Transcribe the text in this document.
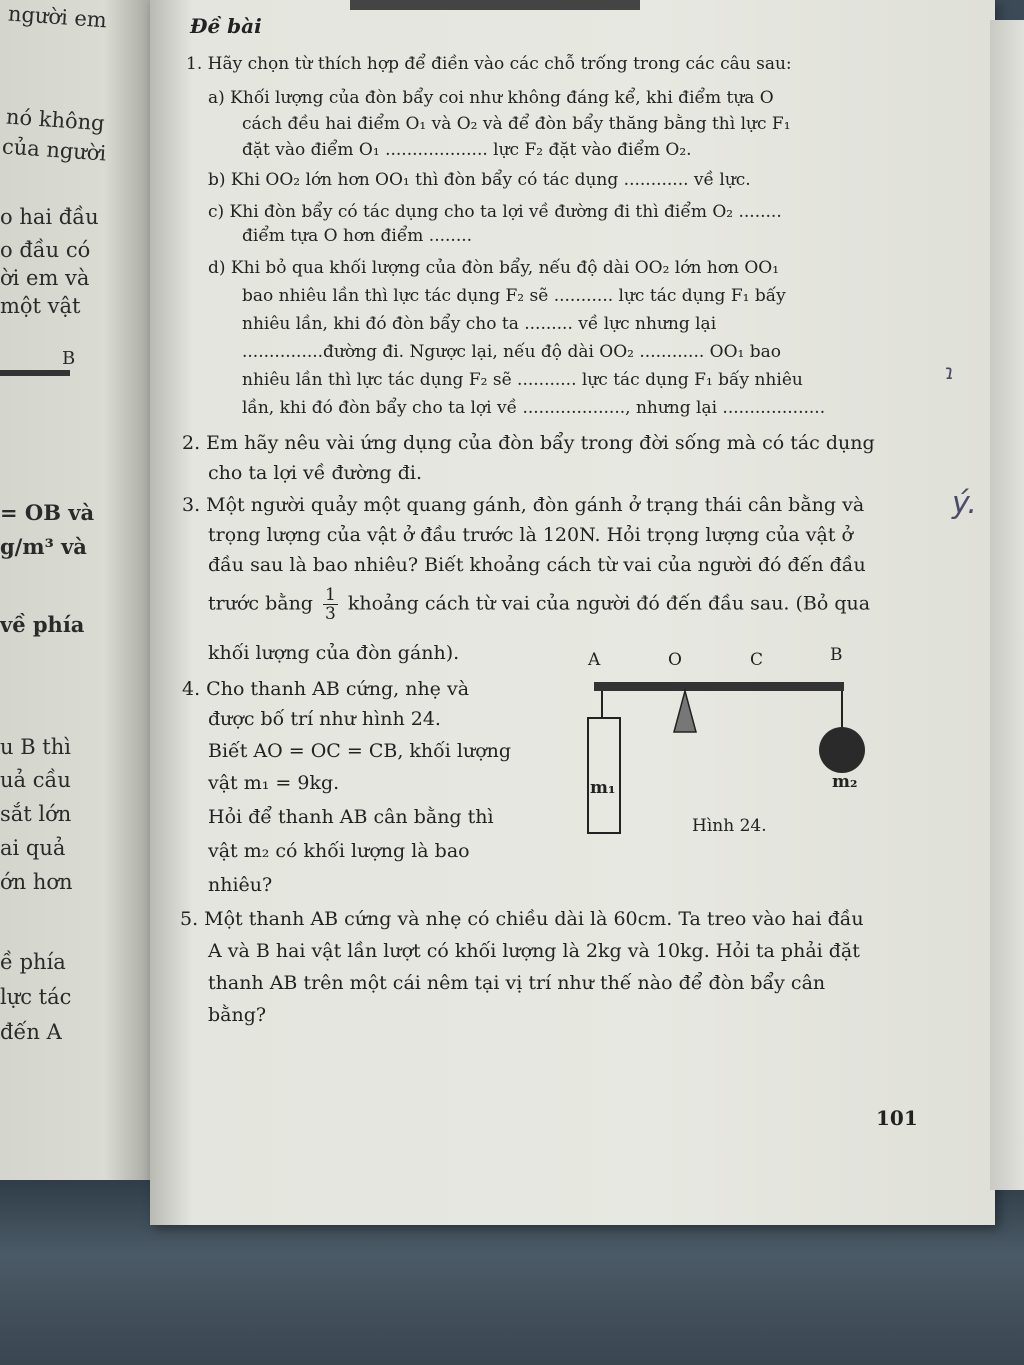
người em
nó không
của người
o hai đầu
o đầu có
ời em và
một vật
B
= OB và
g/m³ và
về phía
u B thì
uả cầu
sắt lớn
ai quả
ớn hơn
ề phía
lực tác
đến A
Đề bài
1. Hãy chọn từ thích hợp để điền vào các chỗ trống trong các câu sau:
a) Khối lượng của đòn bẩy coi như không đáng kể, khi điểm tựa O
cách đều hai điểm O₁ và O₂ và để đòn bẩy thăng bằng thì lực F₁
đặt vào điểm O₁ ................... lực F₂ đặt vào điểm O₂.
b) Khi OO₂ lớn hơn OO₁ thì đòn bẩy có tác dụng ............ về lực.
c) Khi đòn bẩy có tác dụng cho ta lợi về đường đi thì điểm O₂ ........
điểm tựa O hơn điểm ........
d) Khi bỏ qua khối lượng của đòn bẩy, nếu độ dài OO₂ lớn hơn OO₁
bao nhiêu lần thì lực tác dụng F₂ sẽ ........... lực tác dụng F₁ bấy
nhiêu lần, khi đó đòn bẩy cho ta ......... về lực nhưng lại
...............đường đi. Ngược lại, nếu độ dài OO₂ ............ OO₁ bao
nhiêu lần thì lực tác dụng F₂ sẽ ........... lực tác dụng F₁ bấy nhiêu
lần, khi đó đòn bẩy cho ta lợi về ..................., nhưng lại ...................
2. Em hãy nêu vài ứng dụng của đòn bẩy trong đời sống mà có tác dụng
cho ta lợi về đường đi.
3. Một người quảy một quang gánh, đòn gánh ở trạng thái cân bằng và
trọng lượng của vật ở đầu trước là 120N. Hỏi trọng lượng của vật ở
đầu sau là bao nhiêu? Biết khoảng cách từ vai của người đó đến đầu
trước bằng $\frac{1}{3}$ khoảng cách từ vai của người đó đến đầu sau. (Bỏ qua
khối lượng của đòn gánh).
4. Cho thanh AB cứng, nhẹ và
được bố trí như hình 24.
Biết AO = OC = CB, khối lượng
vật m₁ = 9kg.
Hỏi để thanh AB cân bằng thì
vật m₂ có khối lượng là bao
nhiêu?
5. Một thanh AB cứng và nhẹ có chiều dài là 60cm. Ta treo vào hai đầu
A và B hai vật lần lượt có khối lượng là 2kg và 10kg. Hỏi ta phải đặt
thanh AB trên một cái nêm tại vị trí như thế nào để đòn bẩy cân
bằng?
A	O	C	B
m₁	m₂
Hình 24.
101
ɿ
ý.
